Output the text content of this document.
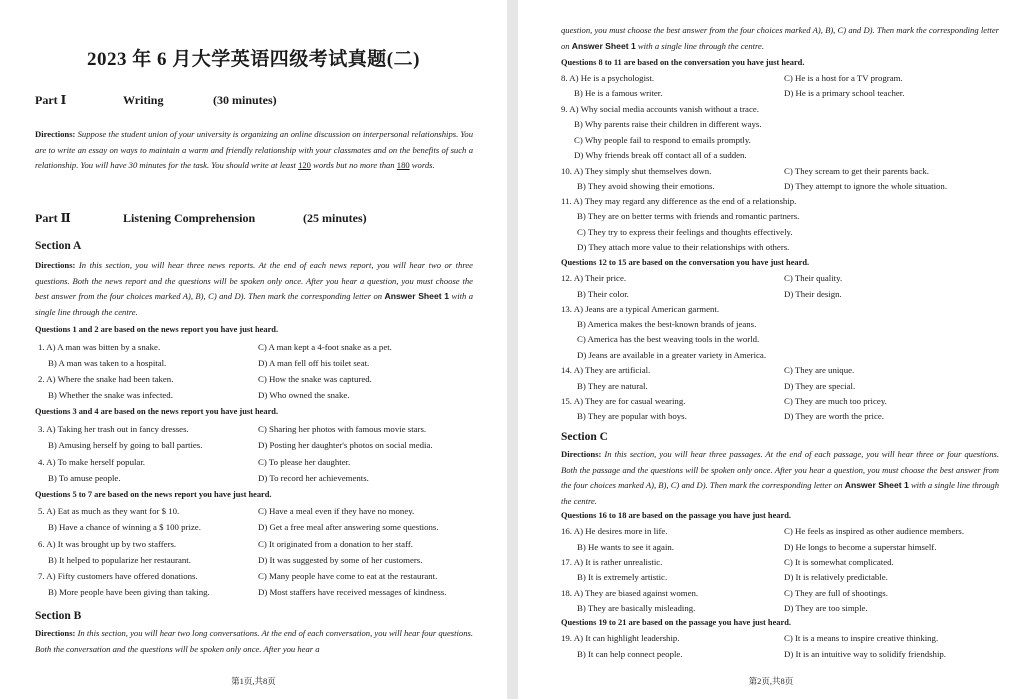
2023 年 6 月大学英语四级考试真题(二)
Part Ⅰ	Writing	(30 minutes)
Directions: Suppose the student union of your university is organizing an online discussion on interpersonal relationships. You are to write an essay on ways to maintain a warm and friendly relationship with your classmates and on the benefits of such a relationship. You will have 30 minutes for the task. You should write at least 120 words but no more than 180 words.
Part Ⅱ	Listening Comprehension	(25 minutes)
Section A
Directions: In this section, you will hear three news reports. At the end of each news report, you will hear two or three questions. Both the news report and the questions will be spoken only once. After you hear a question, you must choose the best answer from the four choices marked A), B), C) and D). Then mark the corresponding letter on Answer Sheet 1 with a single line through the centre.
Questions 1 and 2 are based on the news report you have just heard.
1. A) A man was bitten by a snake.	C) A man kept a 4-foot snake as a pet.
B) A man was taken to a hospital.	D) A man fell off his toilet seat.
2. A) Where the snake had been taken.	C) How the snake was captured.
B) Whether the snake was infected.	D) Who owned the snake.
Questions 3 and 4 are based on the news report you have just heard.
3. A) Taking her trash out in fancy dresses.	C) Sharing her photos with famous movie stars.
B) Amusing herself by going to ball parties.	D) Posting her daughter's photos on social media.
4. A) To make herself popular.	C) To please her daughter.
B) To amuse people.	D) To record her achievements.
Questions 5 to 7 are based on the news report you have just heard.
5. A) Eat as much as they want for $ 10.	C) Have a meal even if they have no money.
B) Have a chance of winning a $ 100 prize.	D) Get a free meal after answering some questions.
6. A) It was brought up by two staffers.	C) It originated from a donation to her staff.
B) It helped to popularize her restaurant.	D) It was suggested by some of her customers.
7. A) Fifty customers have offered donations.	C) Many people have come to eat at the restaurant.
B) More people have been giving than taking.	D) Most staffers have received messages of kindness.
Section B
Directions: In this section, you will hear two long conversations. At the end of each conversation, you will hear four questions. Both the conversation and the questions will be spoken only once. After you hear a
第1页,共8页
question, you must choose the best answer from the four choices marked A), B), C) and D). Then mark the corresponding letter on Answer Sheet 1 with a single line through the centre.
Questions 8 to 11 are based on the conversation you have just heard.
8. A) He is a psychologist.	C) He is a host for a TV program.
B) He is a famous writer.	D) He is a primary school teacher.
9. A) Why social media accounts vanish without a trace.
B) Why parents raise their children in different ways.
C) Why people fail to respond to emails promptly.
D) Why friends break off contact all of a sudden.
10. A) They simply shut themselves down.	C) They scream to get their parents back.
B) They avoid showing their emotions.	D) They attempt to ignore the whole situation.
11. A) They may regard any difference as the end of a relationship.
B) They are on better terms with friends and romantic partners.
C) They try to express their feelings and thoughts effectively.
D) They attach more value to their relationships with others.
Questions 12 to 15 are based on the conversation you have just heard.
12. A) Their price.	C) Their quality.
B) Their color.	D) Their design.
13. A) Jeans are a typical American garment.
B) America makes the best-known brands of jeans.
C) America has the best weaving tools in the world.
D) Jeans are available in a greater variety in America.
14. A) They are artificial.	C) They are unique.
B) They are natural.	D) They are special.
15. A) They are for casual wearing.	C) They are much too pricey.
B) They are popular with boys.	D) They are worth the price.
Section C
Directions: In this section, you will hear three passages. At the end of each passage, you will hear three or four questions. Both the passage and the questions will be spoken only once. After you hear a question, you must choose the best answer from the four choices marked A), B), C) and D). Then mark the corresponding letter on Answer Sheet 1 with a single line through the centre.
Questions 16 to 18 are based on the passage you have just heard.
16. A) He desires more in life.	C) He feels as inspired as other audience members.
B) He wants to see it again.	D) He longs to become a superstar himself.
17. A) It is rather unrealistic.	C) It is somewhat complicated.
B) It is extremely artistic.	D) It is relatively predictable.
18. A) They are biased against women.	C) They are full of shootings.
B) They are basically misleading.	D) They are too simple.
Questions 19 to 21 are based on the passage you have just heard.
19. A) It can highlight leadership.	C) It is a means to inspire creative thinking.
B) It can help connect people.	D) It is an intuitive way to solidify friendship.
第2页,共8页
